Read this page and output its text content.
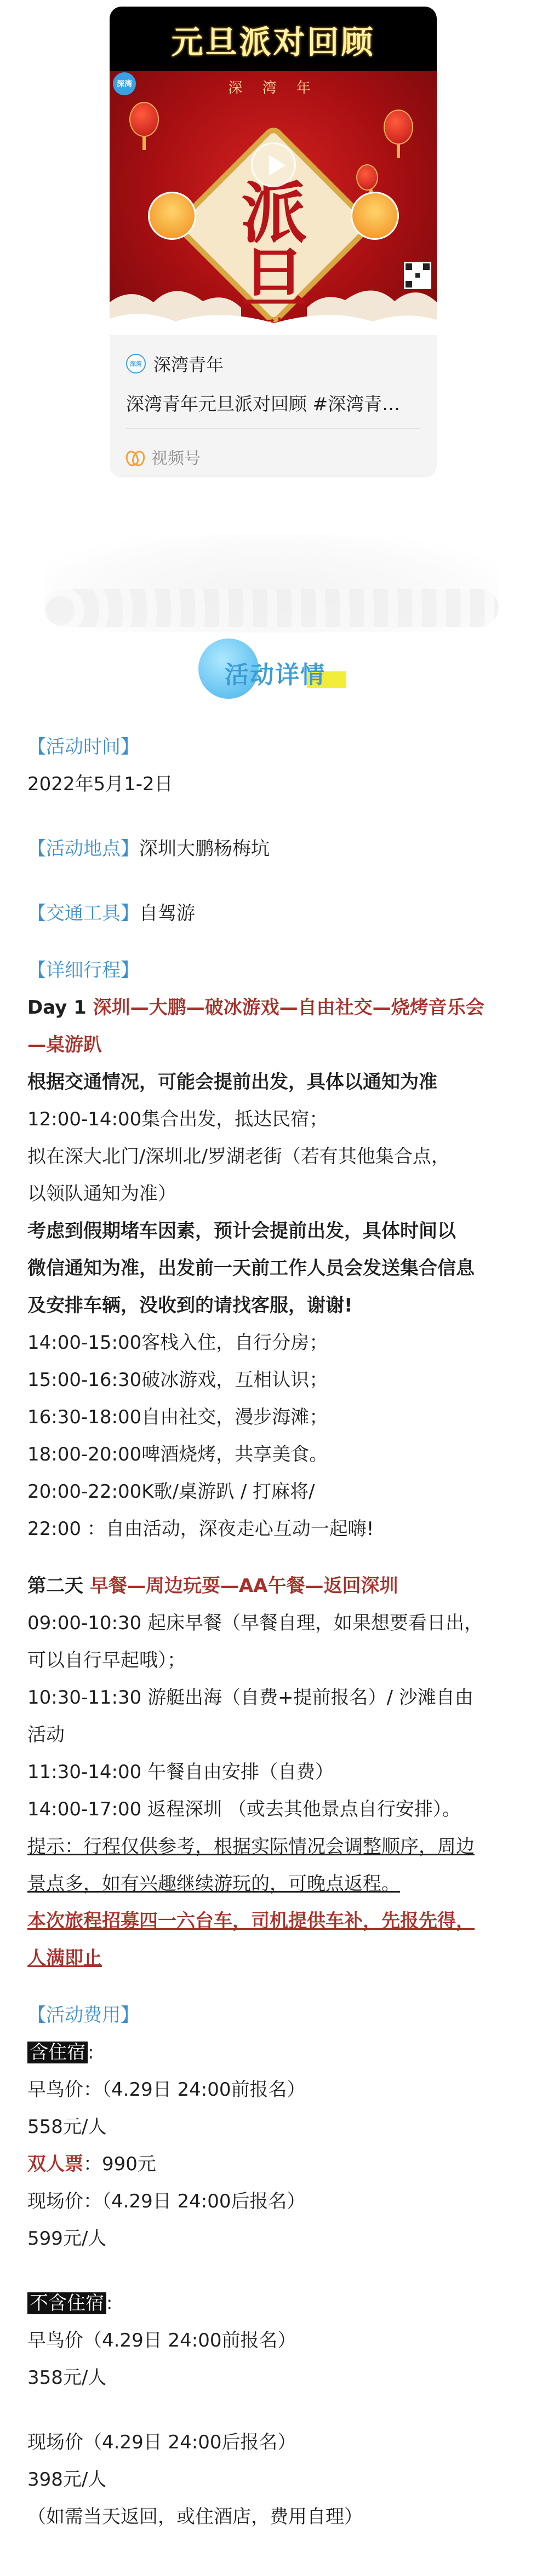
元旦派对回顾
深 湾 年
派旦
深湾
深湾 深湾青年
深湾青年元旦派对回顾 #深湾青…
视频号
活动详情

【活动时间】

2022年5月1-2日

【活动地点】深圳大鹏杨梅坑

【交通工具】自驾游

【详细行程】

Day 1 深圳—大鹏—破冰游戏—自由社交—烧烤音乐会

—桌游趴

根据交通情况，可能会提前出发，具体以通知为准

12:00-14:00集合出发，抵达民宿；

拟在深大北门/深圳北/罗湖老街（若有其他集合点，

以领队通知为准）

考虑到假期堵车因素，预计会提前出发，具体时间以

微信通知为准，出发前一天前工作人员会发送集合信息

及安排车辆，没收到的请找客服，谢谢!

14:00-15:00客栈入住，自行分房；

15:00-16:30破冰游戏，互相认识；

16:30-18:00自由社交，漫步海滩；

18:00-20:00啤酒烧烤，共享美食。

20:00-22:00K歌/桌游趴 / 打麻将/

22:00 ：自由活动，深夜走心互动一起嗨!

第二天 早餐—周边玩耍—AA午餐—返回深圳

09:00-10:30 起床早餐（早餐自理，如果想要看日出，

可以自行早起哦）；

10:30-11:30 游艇出海（自费+提前报名）/ 沙滩自由

活动

11:30-14:00 午餐自由安排（自费）

14:00-17:00 返程深圳 （或去其他景点自行安排）。

提示：行程仅供参考，根据实际情况会调整顺序，周边

景点多，如有兴趣继续游玩的，可晚点返程。

本次旅程招募四一六台车，司机提供车补，先报先得，

人满即止

【活动费用】

含住宿 :

早鸟价：（4.29日 24:00前报名）

558元/人

双人票：990元

现场价：（4.29日 24:00后报名）

599元/人

不含住宿 :

早鸟价（4.29日 24:00前报名）

358元/人

现场价（4.29日 24:00后报名）

398元/人

（如需当天返回，或住酒店，费用自理）
